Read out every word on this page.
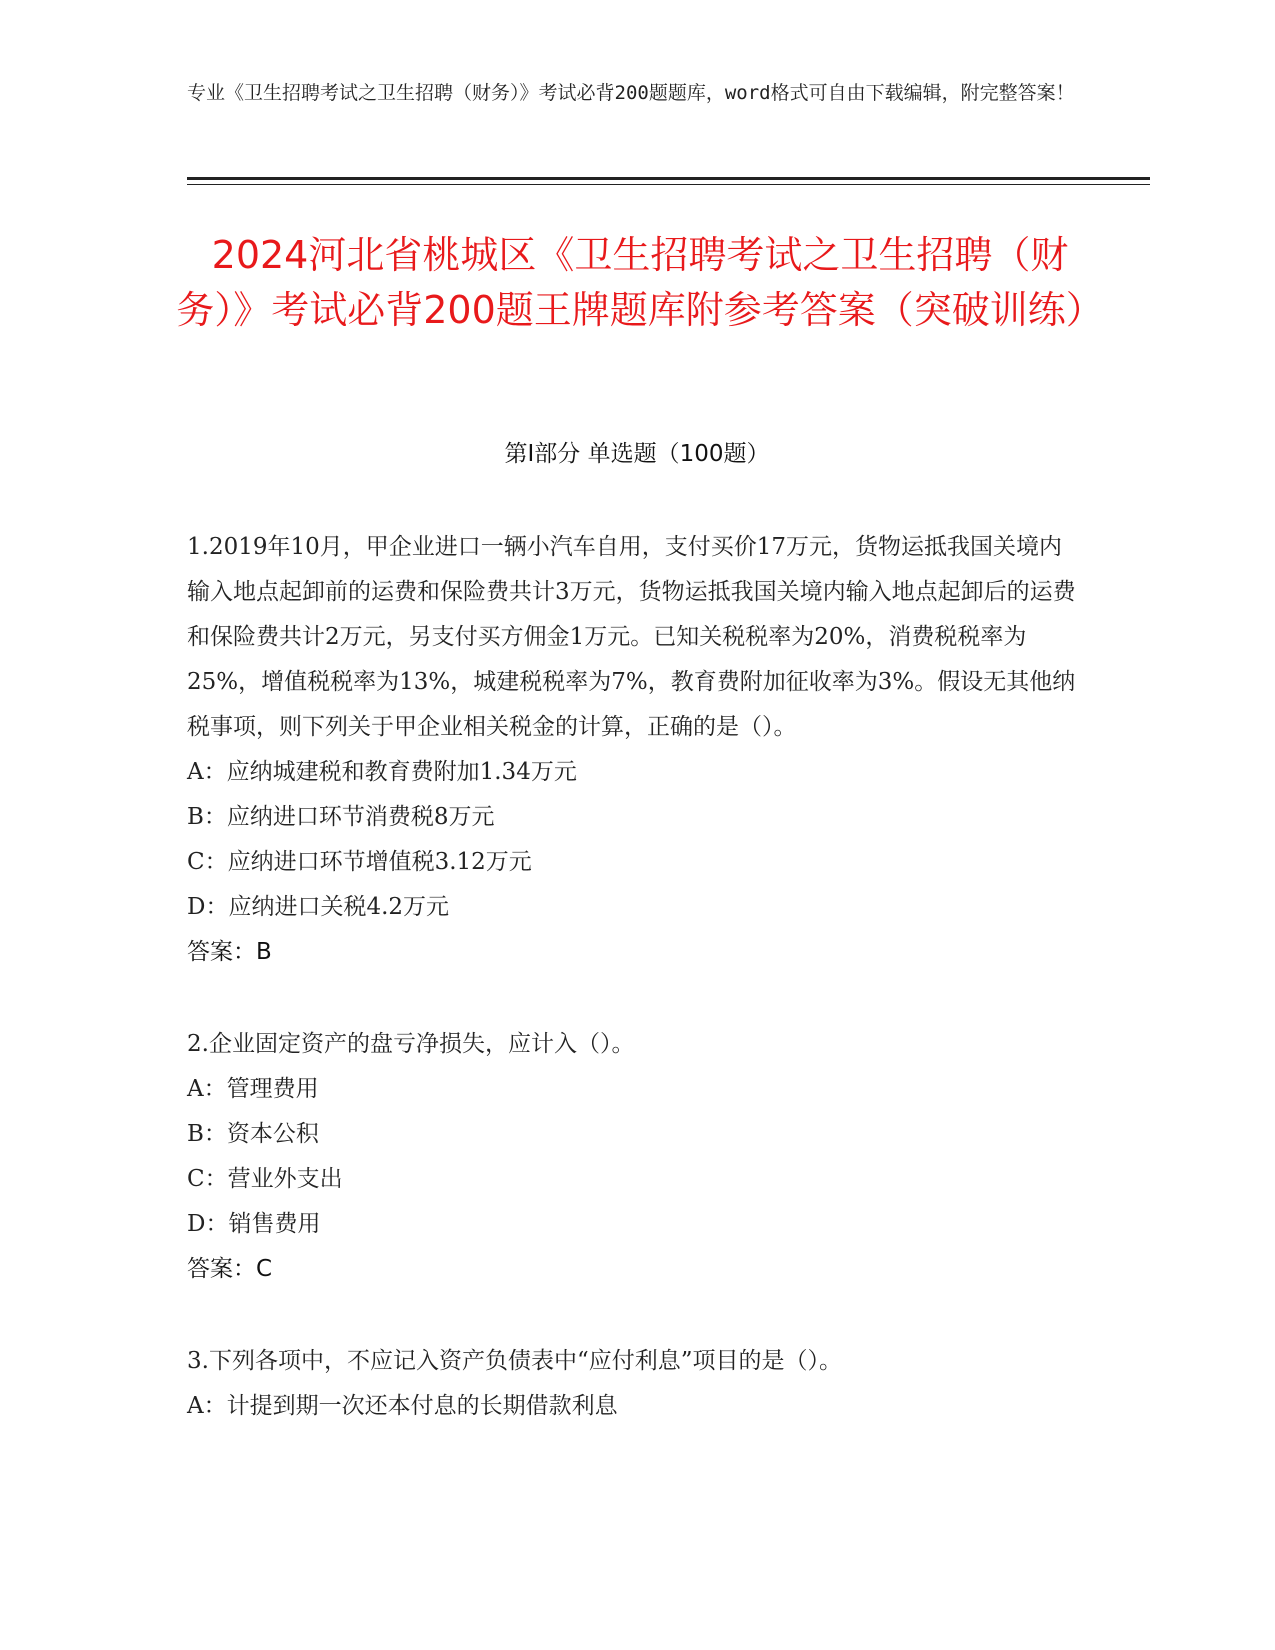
专业《卫生招聘考试之卫生招聘（财务）》考试必背200题题库，word格式可自由下载编辑，附完整答案！
2024河北省桃城区《卫生招聘考试之卫生招聘（财务）》考试必背200题王牌题库附参考答案（突破训练）
第Ⅰ部分 单选题（100题）

1.2019年10月，甲企业进口一辆小汽车自用，支付买价17万元，货物运抵我国关境内输入地点起卸前的运费和保险费共计3万元，货物运抵我国关境内输入地点起卸后的运费和保险费共计2万元，另支付买方佣金1万元。已知关税税率为20%，消费税税率为25%，增值税税率为13%，城建税税率为7%，教育费附加征收率为3%。假设无其他纳税事项，则下列关于甲企业相关税金的计算，正确的是（）。

A：应纳城建税和教育费附加1.34万元

B：应纳进口环节消费税8万元

C：应纳进口环节增值税3.12万元

D：应纳进口关税4.2万元

答案：B

2.企业固定资产的盘亏净损失，应计入（）。

A：管理费用

B：资本公积

C：营业外支出

D：销售费用

答案：C

3.下列各项中，不应记入资产负债表中“应付利息”项目的是（）。

A：计提到期一次还本付息的长期借款利息
